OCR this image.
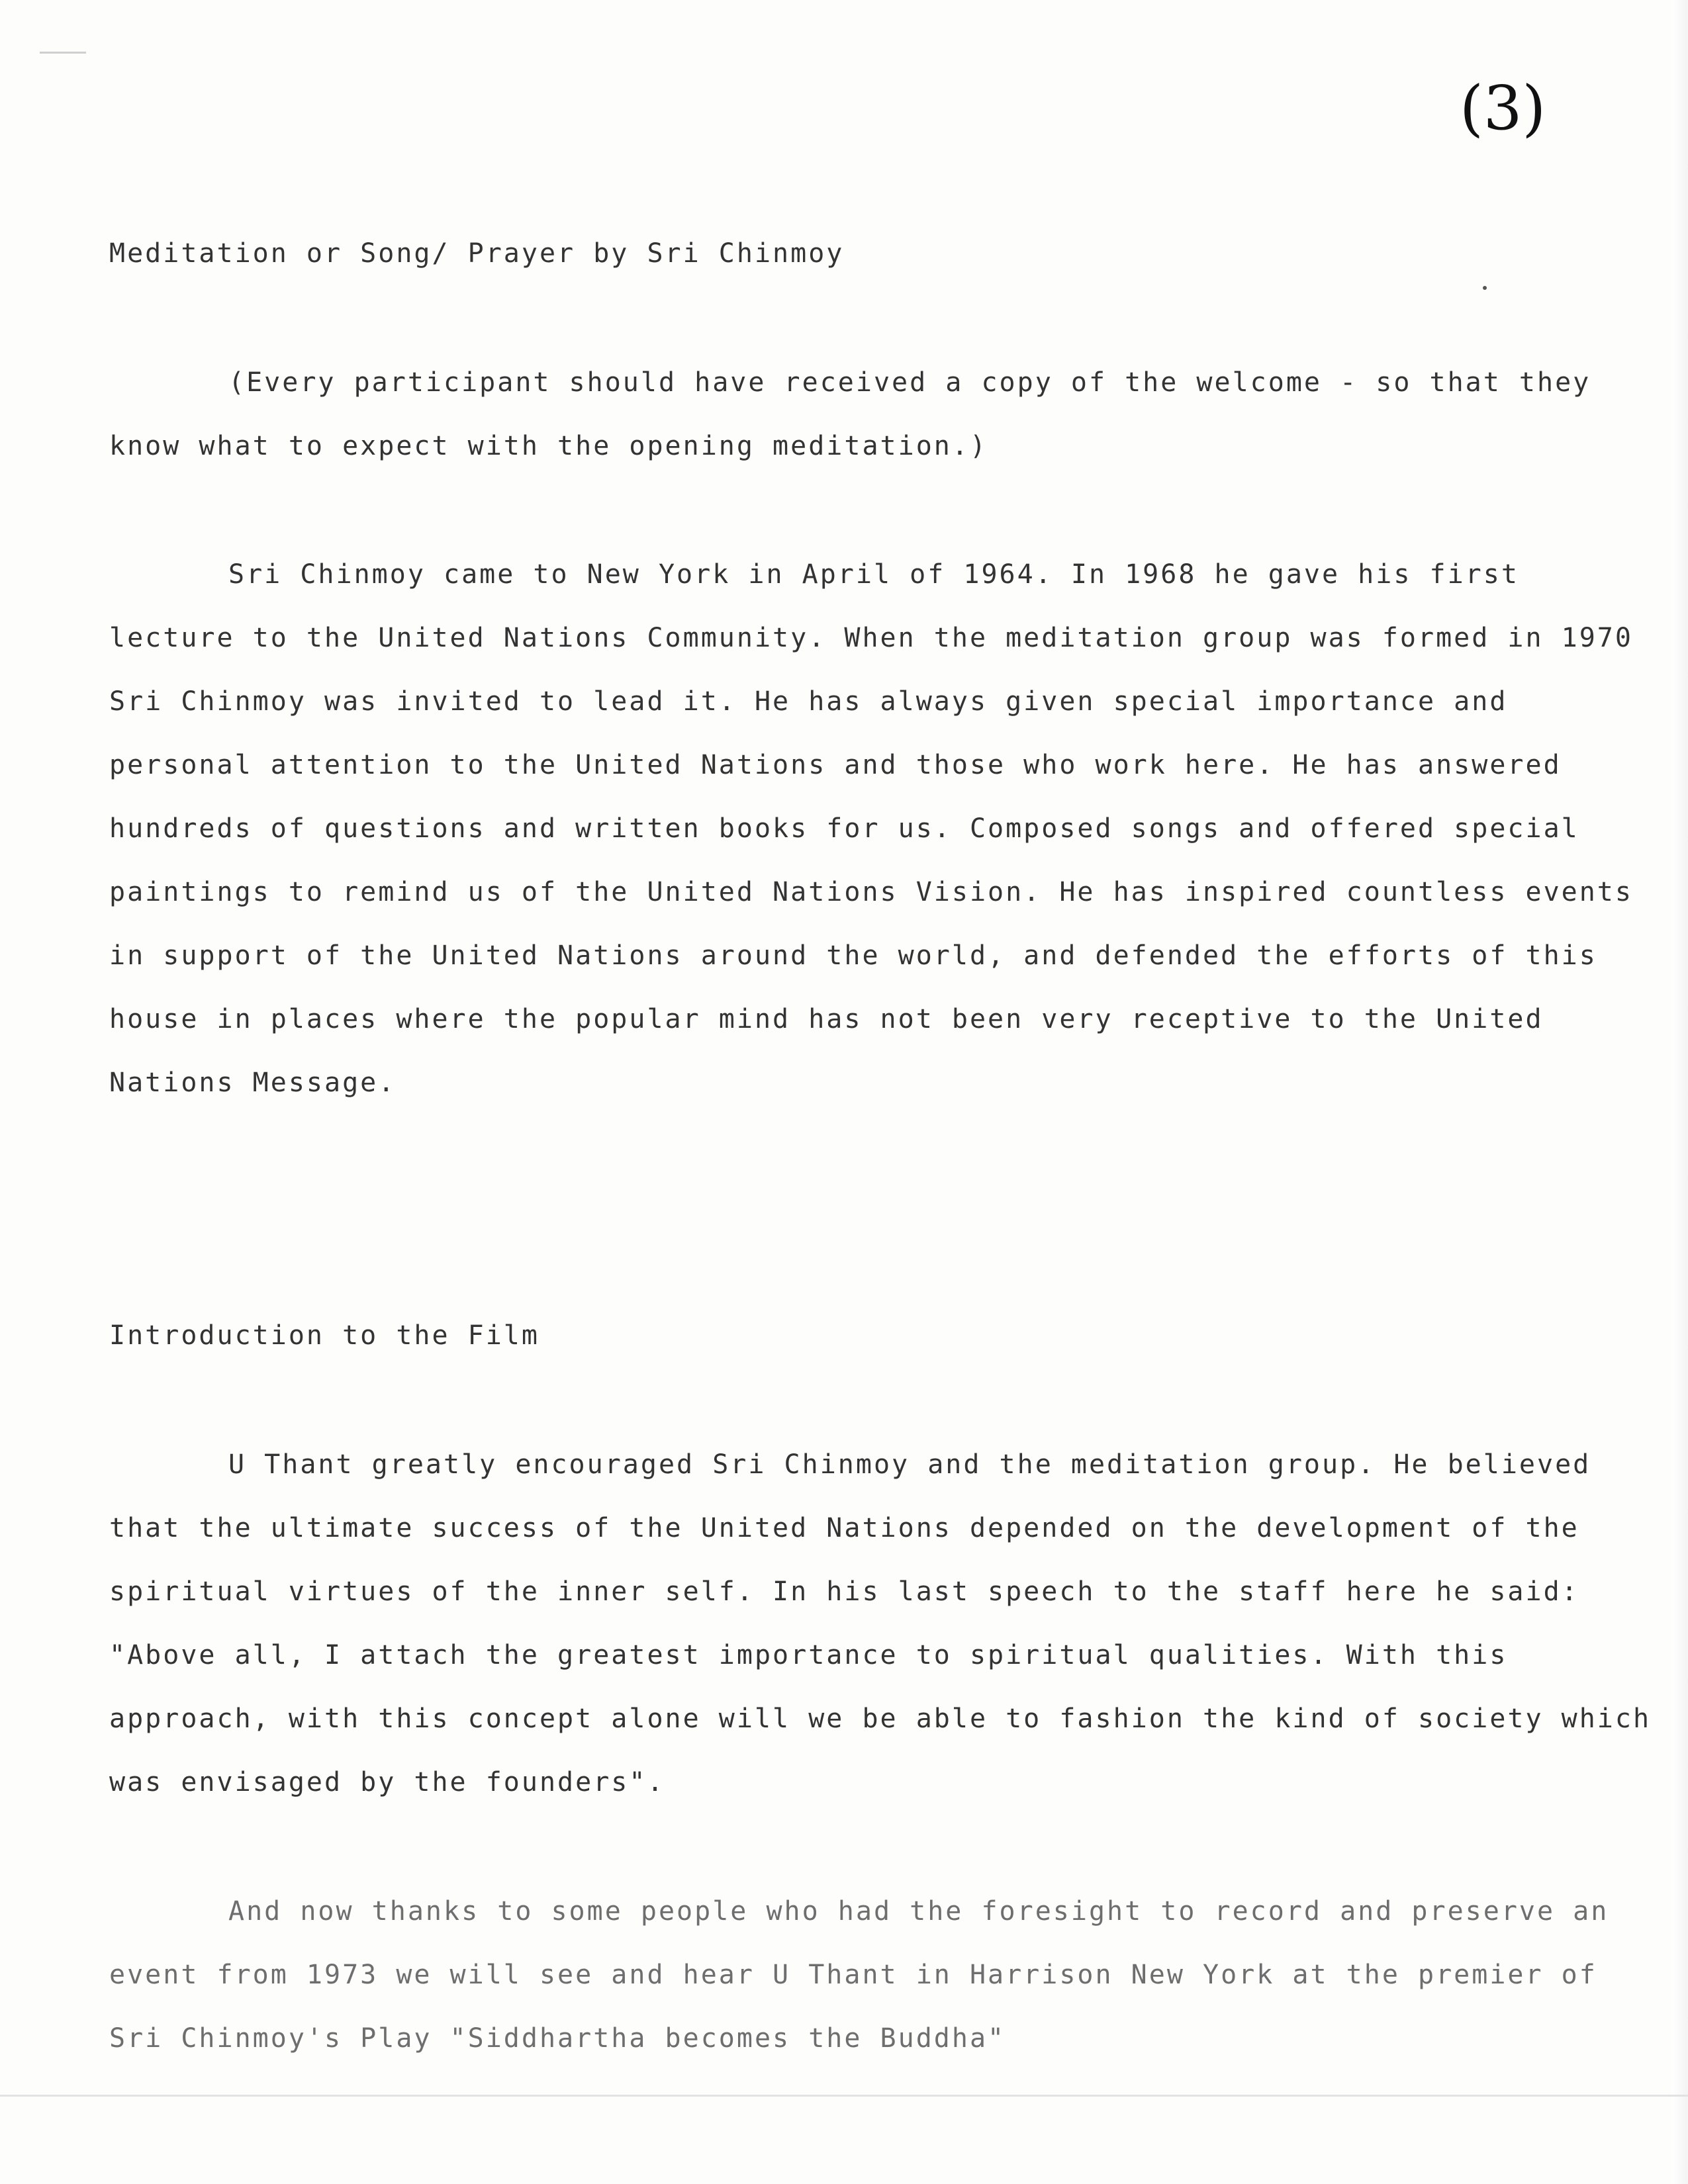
(3)
Meditation or Song/ Prayer by Sri Chinmoy

(Every participant should have received a copy of the welcome - so that they know what to expect with the opening meditation.)

Sri Chinmoy came to New York in April of 1964. In 1968 he gave his first lecture to the United Nations Community. When the meditation group was formed in 1970 Sri Chinmoy was invited to lead it. He has always given special importance and personal attention to the United Nations and those who work here. He has answered hundreds of questions and written books for us. Composed songs and offered special paintings to remind us of the United Nations Vision. He has inspired countless events in support of the United Nations around the world, and defended the efforts of this house in places where the popular mind has not been very receptive to the United Nations Message.

Introduction to the Film

U Thant greatly encouraged Sri Chinmoy and the meditation group. He believed that the ultimate success of the United Nations depended on the development of the spiritual virtues of the inner self. In his last speech to the staff here he said: "Above all, I attach the greatest importance to spiritual qualities. With this approach, with this concept alone will we be able to fashion the kind of society which was envisaged by the founders".

And now thanks to some people who had the foresight to record and preserve an event from 1973 we will see and hear U Thant in Harrison New York at the premier of Sri Chinmoy's Play "Siddhartha becomes the Buddha"
